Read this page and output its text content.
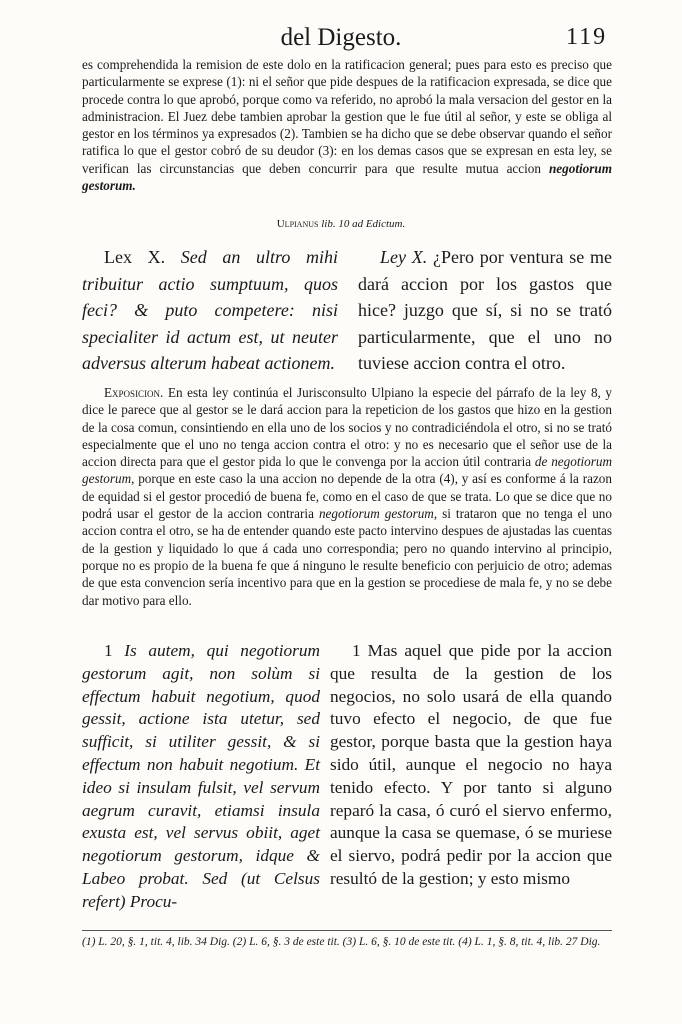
del Digesto.	119

es comprehendida la remision de este dolo en la ratificacion general; pues para esto es preciso que particularmente se exprese (1): ni el señor que pide despues de la ratificacion expresada, se dice que procede contra lo que aprobó, porque como va referido, no aprobó la mala versacion del gestor en la administracion. El Juez debe tambien aprobar la gestion que le fue útil al señor, y este se obliga al gestor en los términos ya expresados (2). Tambien se ha dicho que se debe observar quando el señor ratifica lo que el gestor cobró de su deudor (3): en los demas casos que se expresan en esta ley, se verifican las circunstancias que deben concurrir para que resulte mutua accion negotiorum gestorum.

Ulpianus lib. 10 ad Edictum.

Lex X. Sed an ultro mihi tribuitur actio sumptuum, quos feci? & puto competere: nisi specialiter id actum est, ut neuter adversus alterum habeat actionem.

Ley X. ¿Pero por ventura se me dará accion por los gastos que hice? juzgo que sí, si no se trató particularmente, que el uno no tuviese accion contra el otro.

Exposicion. En esta ley continúa el Jurisconsulto Ulpiano la especie del párrafo de la ley 8, y dice le parece que al gestor se le dará accion para la repeticion de los gastos que hizo en la gestion de la cosa comun, consintiendo en ella uno de los socios y no contradiciéndola el otro, si no se trató especialmente que el uno no tenga accion contra el otro: y no es necesario que el señor use de la accion directa para que el gestor pida lo que le convenga por la accion útil contraria de negotiorum gestorum, porque en este caso la una accion no depende de la otra (4), y así es conforme á la razon de equidad si el gestor procedió de buena fe, como en el caso de que se trata. Lo que se dice que no podrá usar el gestor de la accion contraria negotiorum gestorum, si trataron que no tenga el uno accion contra el otro, se ha de entender quando este pacto intervino despues de ajustadas las cuentas de la gestion y liquidado lo que á cada uno correspondia; pero no quando intervino al principio, porque no es propio de la buena fe que á ninguno le resulte beneficio con perjuicio de otro; ademas de que esta convencion sería incentivo para que en la gestion se procediese de mala fe, y no se debe dar motivo para ello.

1 Is autem, qui negotiorum gestorum agit, non solùm si effectum habuit negotium, quod gessit, actione ista utetur, sed sufficit, si utiliter gessit, & si effectum non habuit negotium. Et ideo si insulam fulsit, vel servum aegrum curavit, etiamsi insula exusta est, vel servus obiit, aget negotiorum gestorum, idque & Labeo probat. Sed (ut Celsus refert) Procu-

1 Mas aquel que pide por la accion que resulta de la gestion de los negocios, no solo usará de ella quando tuvo efecto el negocio, de que fue gestor, porque basta que la gestion haya sido útil, aunque el negocio no haya tenido efecto. Y por tanto si alguno reparó la casa, ó curó el siervo enfermo, aunque la casa se quemase, ó se muriese el siervo, podrá pedir por la accion que resultó de la gestion; y esto mismo

(1) L. 20, §. 1, tit. 4, lib. 34 Dig. (2) L. 6, §. 3 de este tit. (3) L. 6, §. 10 de este tit. (4) L. 1, §. 8, tit. 4, lib. 27 Dig.
